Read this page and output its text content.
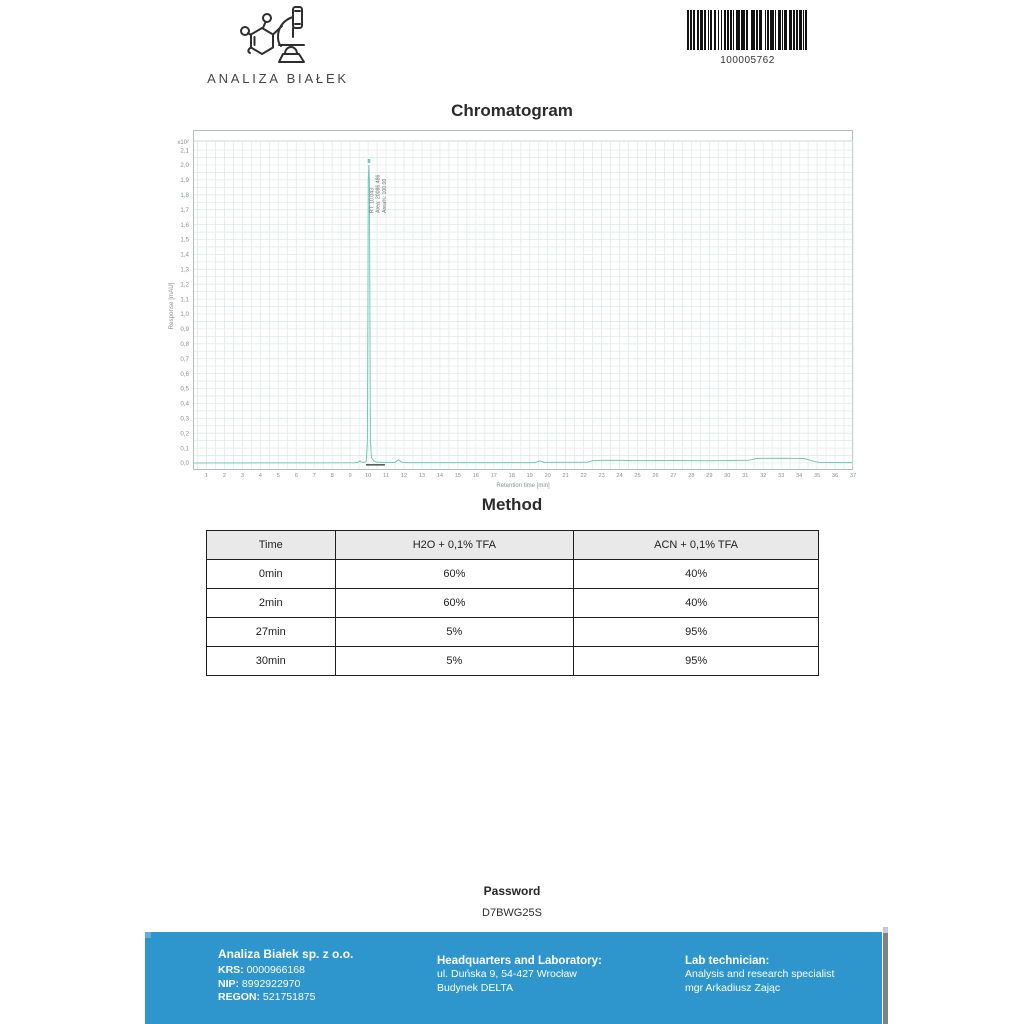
ANALIZA BIAŁEK
100005762
Chromatogram
0,0
0,1
0,2
0,3
0,4
0,5
0,6
0,7
0,8
0,9
1,0
1,1
1,2
1,3
1,4
1,5
1,6
1,7
1,8
1,9
2,0
2,1
x10²
1	2	3	4	5	6	7	8	9 10 11 12 13 14 15 16 17 18 19 20 21 22 23 24 25 26 27 28 29 30 31 32 33 34 35 36 37
Retention time [min]
Response [mAU]
RT: 10.043 Area: 20086.486 Area%: 100.00
Method
Time	H2O + 0,1% TFA	ACN + 0,1% TFA
0min	60%	40%
2min	60%	40%
27min	5%	95%
30min	5%	95%
Password
D7BWG25S
Analiza Białek sp. z o.o.
KRS: 0000966168
NIP: 8992922970
REGON: 521751875
Headquarters and Laboratory:
ul. Duńska 9, 54-427 Wrocław
Budynek DELTA
Lab technician:
Analysis and research specialist
mgr Arkadiusz Zając
